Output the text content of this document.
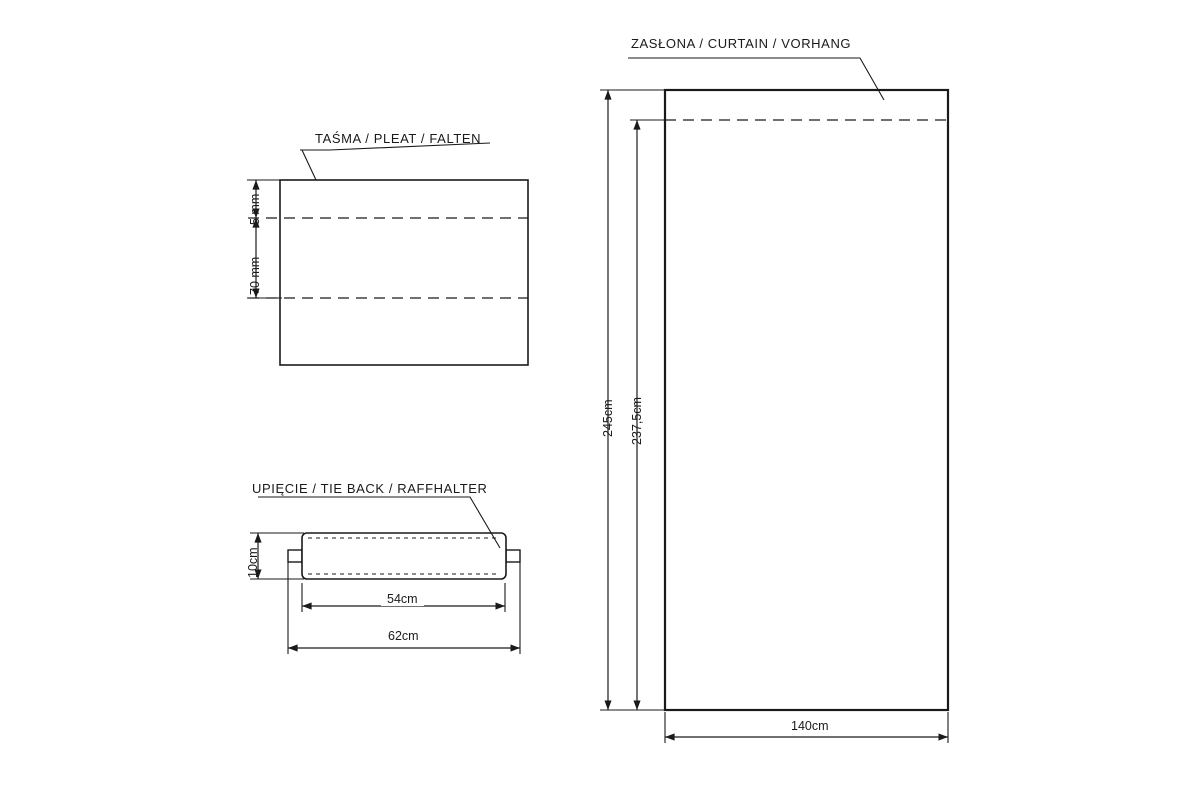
TAŚMA / PLEAT / FALTEN
UPIĘCIE / TIE BACK / RAFFHALTER
ZASŁONA / CURTAIN / VORHANG
5 mm
70 mm
10cm
54cm
62cm
245cm 237,5cm
140cm
